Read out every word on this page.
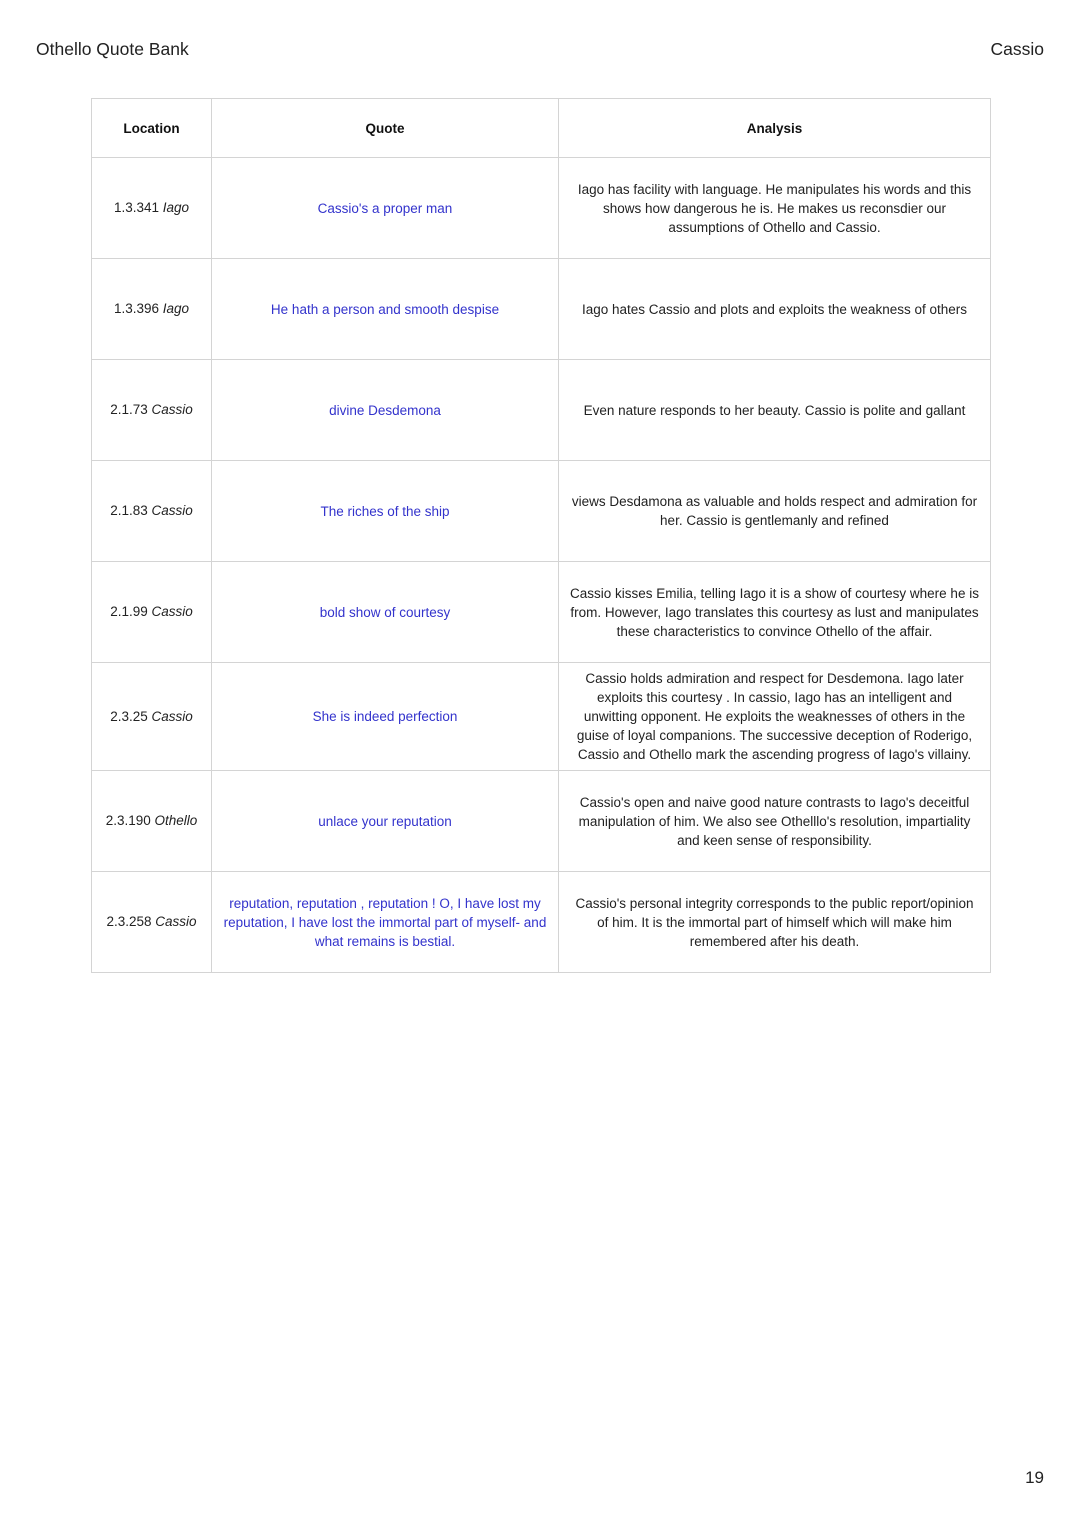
Othello Quote Bank	Cassio
Location	Quote	Analysis
1.3.341 Iago	Cassio's a proper man	Iago has facility with language. He manipulates his words and this shows how dangerous he is. He makes us reconsdier our assumptions of Othello and Cassio.
1.3.396 Iago	He hath a person and smooth despise	Iago hates Cassio and plots and exploits the weakness of others
2.1.73 Cassio	divine Desdemona	Even nature responds to her beauty. Cassio is polite and gallant
2.1.83 Cassio	The riches of the ship	views Desdamona as valuable and holds respect and admiration for her. Cassio is gentlemanly and refined
2.1.99 Cassio	bold show of courtesy	Cassio kisses Emilia, telling Iago it is a show of courtesy where he is from. However, Iago translates this courtesy as lust and manipulates these characteristics to convince Othello of the affair.
2.3.25 Cassio	She is indeed perfection	Cassio holds admiration and respect for Desdemona. Iago later exploits this courtesy . In cassio, Iago has an intelligent and unwitting opponent. He exploits the weaknesses of others in the guise of loyal companions. The successive deception of Roderigo, Cassio and Othello mark the ascending progress of Iago's villainy.
2.3.190 Othello	unlace your reputation	Cassio's open and naive good nature contrasts to Iago's deceitful manipulation of him. We also see Othelllo's resolution, impartiality and keen sense of responsibility.
2.3.258 Cassio	reputation, reputation , reputation ! O, I have lost my reputation, I have lost the immortal part of myself- and what remains is bestial.	Cassio's personal integrity corresponds to the public report/opinion of him. It is the immortal part of himself which will make him remembered after his death.
19
